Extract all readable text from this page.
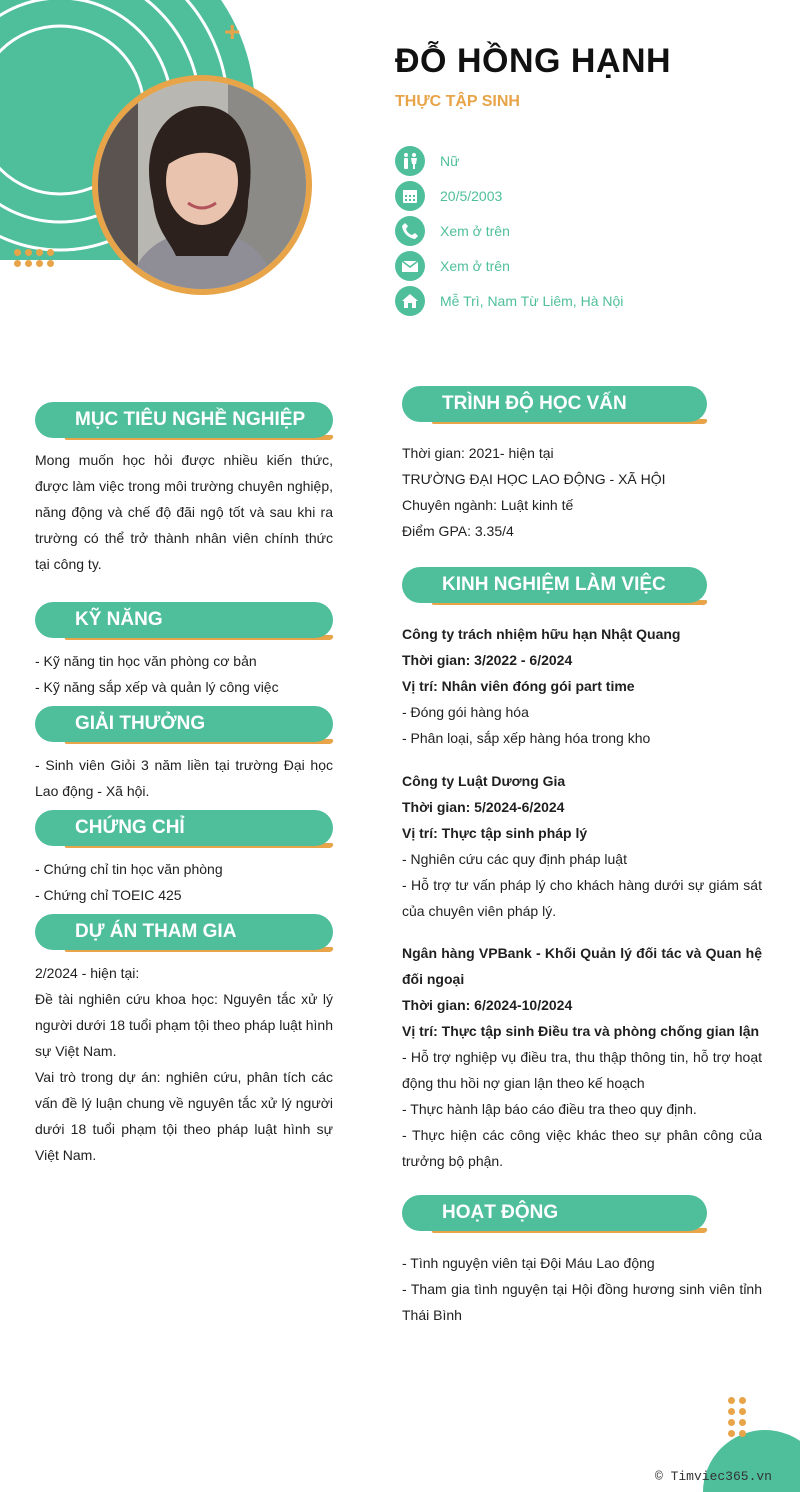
+
ĐỖ HỒNG HẠNH
THỰC TẬP SINH
Nữ
20/5/2003
Xem ở trên
Xem ở trên
Mễ Trì, Nam Từ Liêm, Hà Nội
MỤC TIÊU NGHỀ NGHIỆP
Mong muốn học hỏi được nhiều kiến thức, được làm việc trong môi trường chuyên nghiệp, năng động và chế độ đãi ngộ tốt và sau khi ra trường có thể trở thành nhân viên chính thức tại công ty.
KỸ NĂNG

- Kỹ năng tin học văn phòng cơ bản

- Kỹ năng sắp xếp và quản lý công việc

GIẢI THƯỞNG
- Sinh viên Giỏi 3 năm liền tại trường Đại học Lao động - Xã hội.
CHỨNG CHỈ

- Chứng chỉ tin học văn phòng

- Chứng chỉ TOEIC 425

DỰ ÁN THAM GIA

2/2024 - hiện tại:

Đề tài nghiên cứu khoa học: Nguyên tắc xử lý người dưới 18 tuổi phạm tội theo pháp luật hình sự Việt Nam.

Vai trò trong dự án: nghiên cứu, phân tích các vấn đề lý luận chung về nguyên tắc xử lý người dưới 18 tuổi phạm tội theo pháp luật hình sự Việt Nam.

TRÌNH ĐỘ HỌC VẤN

Thời gian: 2021- hiện tại

TRƯỜNG ĐẠI HỌC LAO ĐỘNG - XÃ HỘI

Chuyên ngành: Luật kinh tế

Điểm GPA: 3.35/4

KINH NGHIỆM LÀM VIỆC

Công ty trách nhiệm hữu hạn Nhật Quang

Thời gian: 3/2022 - 6/2024

Vị trí: Nhân viên đóng gói part time

- Đóng gói hàng hóa

- Phân loại, sắp xếp hàng hóa trong kho

Công ty Luật Dương Gia

Thời gian: 5/2024-6/2024

Vị trí: Thực tập sinh pháp lý

- Nghiên cứu các quy định pháp luật

- Hỗ trợ tư vấn pháp lý cho khách hàng dưới sự giám sát của chuyên viên pháp lý.

Ngân hàng VPBank - Khối Quản lý đối tác và Quan hệ đối ngoại

Thời gian: 6/2024-10/2024

Vị trí: Thực tập sinh Điều tra và phòng chống gian lận

- Hỗ trợ nghiệp vụ điều tra, thu thập thông tin, hỗ trợ hoạt động thu hồi nợ gian lận theo kế hoạch

- Thực hành lập báo cáo điều tra theo quy định.

- Thực hiện các công việc khác theo sự phân công của trưởng bộ phận.

HOẠT ĐỘNG

- Tình nguyện viên tại Đội Máu Lao động

- Tham gia tình nguyện tại Hội đồng hương sinh viên tỉnh Thái Bình

© Timviec365.vn
